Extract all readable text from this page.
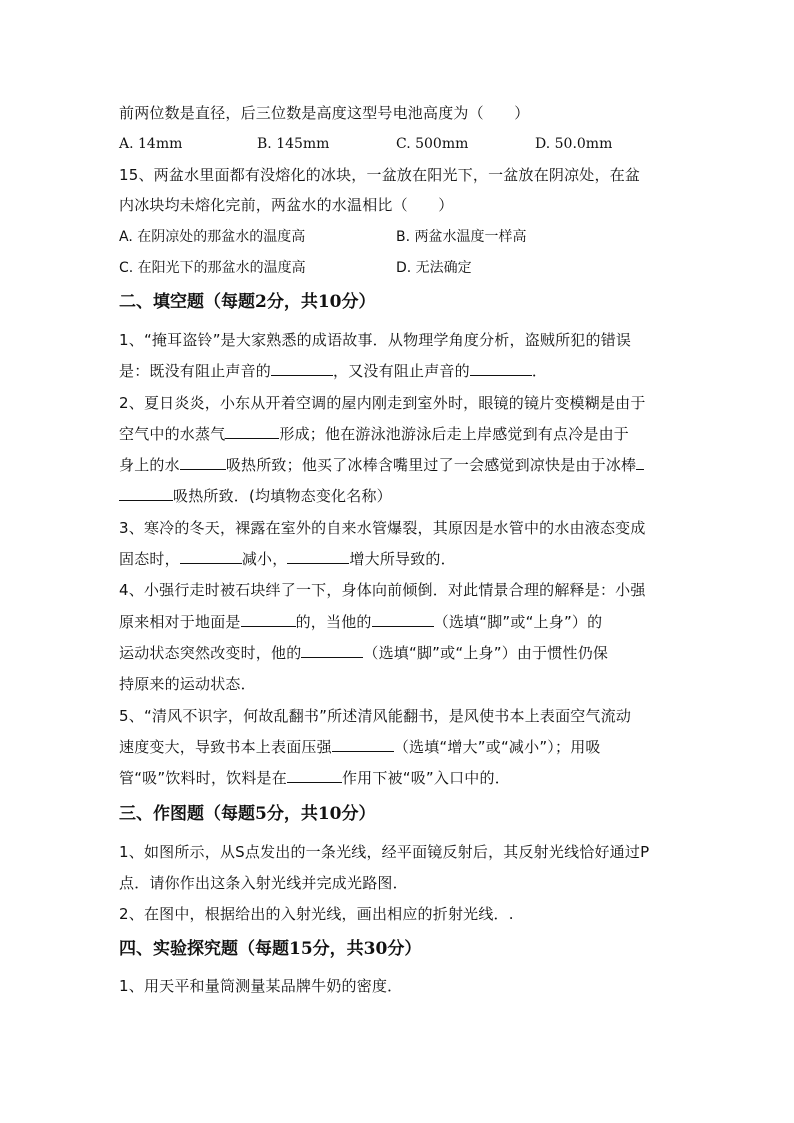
前两位数是直径，后三位数是高度这型号电池高度为（　　）
A. 14mm	B. 145mm	C. 500mm	D. 50.0mm
15、两盆水里面都有没熔化的冰块，一盆放在阳光下，一盆放在阴凉处，在盆
内冰块均未熔化完前，两盆水的水温相比（　　）
A. 在阴凉处的那盆水的温度高	B. 两盆水温度一样高
C. 在阳光下的那盆水的温度高	D. 无法确定
二、填空题（每题2分，共10分）
1、“掩耳盗铃”是大家熟悉的成语故事．从物理学角度分析，盗贼所犯的错误
是：既没有阻止声音的	，又没有阻止声音的	．
2、夏日炎炎，小东从开着空调的屋内刚走到室外时，眼镜的镜片变模糊是由于
空气中的水蒸气	形成；他在游泳池游泳后走上岸感觉到有点冷是由于
身上的水	吸热所致；他买了冰棒含嘴里过了一会感觉到凉快是由于冰棒
吸热所致．(均填物态变化名称）
3、寒冷的冬天，裸露在室外的自来水管爆裂，其原因是水管中的水由液态变成
固态时，	减小，	增大所导致的．
4、小强行走时被石块绊了一下，身体向前倾倒．对此情景合理的解释是：小强
原来相对于地面是	的，当他的	（选填“脚”或“上身”）的
运动状态突然改变时，他的	（选填“脚”或“上身”）由于惯性仍保
持原来的运动状态．
5、“清风不识字，何故乱翻书”所述清风能翻书，是风使书本上表面空气流动
速度变大，导致书本上表面压强	（选填“增大”或“减小”）；用吸
管“吸”饮料时，饮料是在	作用下被“吸”入口中的．
三、作图题（每题5分，共10分）
1、如图所示，从S点发出的一条光线，经平面镜反射后，其反射光线恰好通过P
点．请你作出这条入射光线并完成光路图．
2、在图中，根据给出的入射光线，画出相应的折射光线．.
四、实验探究题（每题15分，共30分）
1、用天平和量筒测量某品牌牛奶的密度．
